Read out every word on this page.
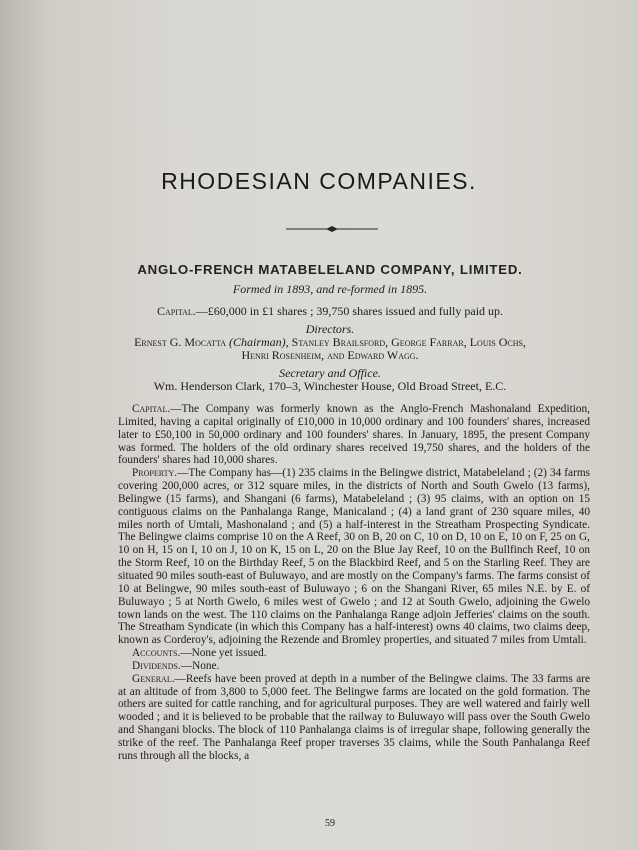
RHODESIAN COMPANIES.
ANGLO-FRENCH MATABELELAND COMPANY, LIMITED.
Formed in 1893, and re-formed in 1895.
Capital.—£60,000 in £1 shares ; 39,750 shares issued and fully paid up.
Directors.
Ernest G. Mocatta (Chairman), Stanley Brailsford, George Farrar, Louis Ochs,
Henri Rosenheim, and Edward Wagg.
Secretary and Office.
Wm. Henderson Clark, 170–3, Winchester House, Old Broad Street, E.C.

Capital.—The Company was formerly known as the Anglo-French Mashonaland Expedition, Limited, having a capital originally of £10,000 in 10,000 ordinary and 100 founders' shares, increased later to £50,100 in 50,000 ordinary and 100 founders' shares. In January, 1895, the present Company was formed. The holders of the old ordinary shares received 19,750 shares, and the holders of the founders' shares had 10,000 shares.

Property.—The Company has—(1) 235 claims in the Belingwe district, Matabeleland ; (2) 34 farms covering 200,000 acres, or 312 square miles, in the districts of North and South Gwelo (13 farms), Belingwe (15 farms), and Shangani (6 farms), Matabeleland ; (3) 95 claims, with an option on 15 contiguous claims on the Panhalanga Range, Manicaland ; (4) a land grant of 230 square miles, 40 miles north of Umtali, Mashonaland ; and (5) a half-interest in the Streatham Prospecting Syndicate. The Belingwe claims comprise 10 on the A Reef, 30 on B, 20 on C, 10 on D, 10 on E, 10 on F, 25 on G, 10 on H, 15 on I, 10 on J, 10 on K, 15 on L, 20 on the Blue Jay Reef, 10 on the Bullfinch Reef, 10 on the Storm Reef, 10 on the Birthday Reef, 5 on the Blackbird Reef, and 5 on the Starling Reef. They are situated 90 miles south-east of Buluwayo, and are mostly on the Company's farms. The farms consist of 10 at Belingwe, 90 miles south-east of Buluwayo ; 6 on the Shangani River, 65 miles N.E. by E. of Buluwayo ; 5 at North Gwelo, 6 miles west of Gwelo ; and 12 at South Gwelo, adjoining the Gwelo town lands on the west. The 110 claims on the Panhalanga Range adjoin Jefferies' claims on the south. The Streatham Syndicate (in which this Company has a half-interest) owns 40 claims, two claims deep, known as Corderoy's, adjoining the Rezende and Bromley properties, and situated 7 miles from Umtali.

Accounts.—None yet issued.

Dividends.—None.

General.—Reefs have been proved at depth in a number of the Belingwe claims. The 33 farms are at an altitude of from 3,800 to 5,000 feet. The Belingwe farms are located on the gold formation. The others are suited for cattle ranching, and for agricultural purposes. They are well watered and fairly well wooded ; and it is believed to be probable that the railway to Buluwayo will pass over the South Gwelo and Shangani blocks. The block of 110 Panhalanga claims is of irregular shape, following generally the strike of the reef. The Panhalanga Reef proper traverses 35 claims, while the South Panhalanga Reef runs through all the blocks, a

59
